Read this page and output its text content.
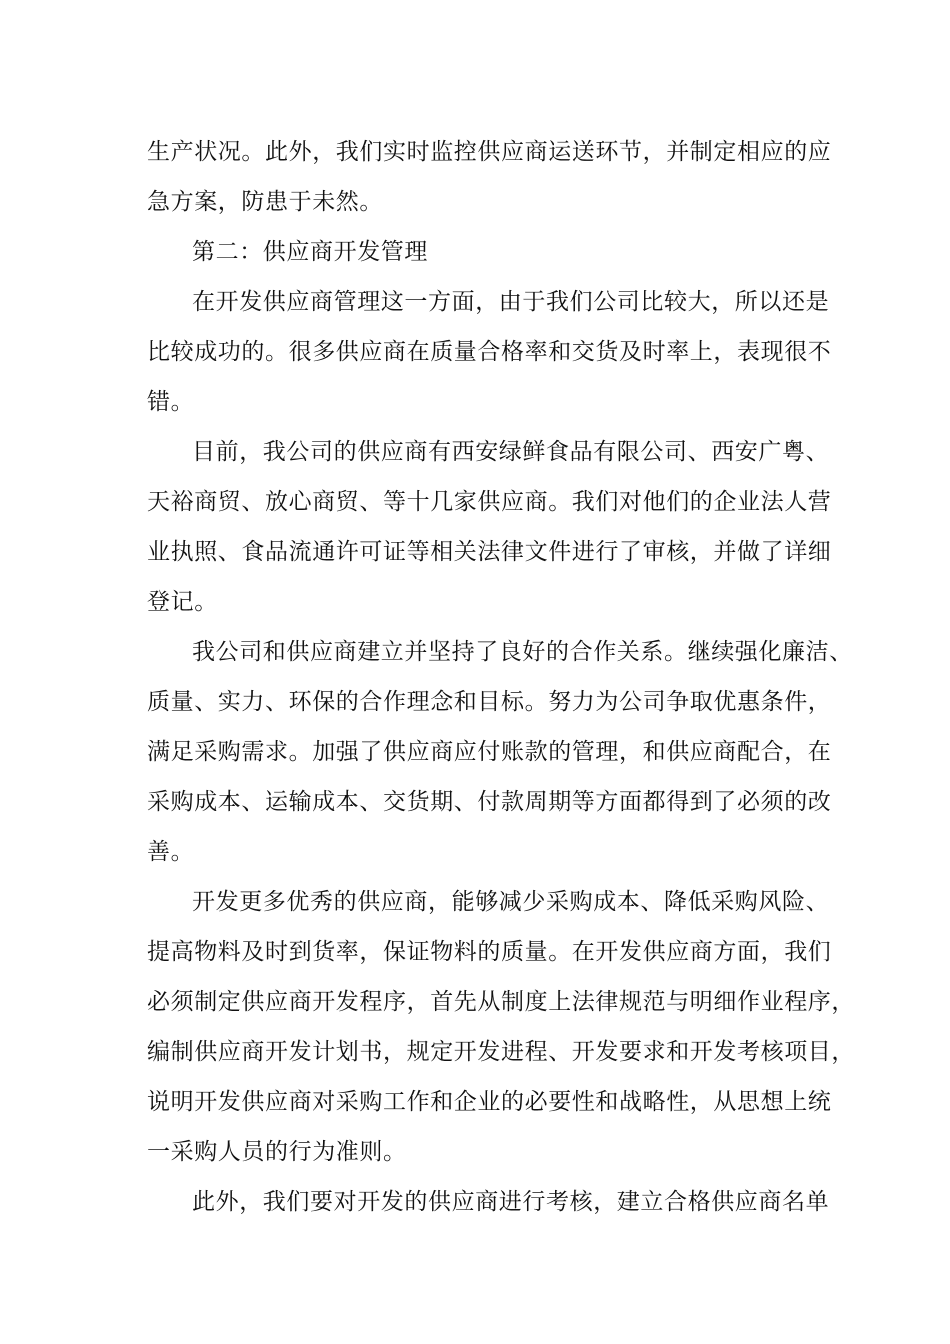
生产状况。此外，我们实时监控供应商运送环节，并制定相应的应
急方案，防患于未然。
第二：供应商开发管理
在开发供应商管理这一方面，由于我们公司比较大，所以还是
比较成功的。很多供应商在质量合格率和交货及时率上，表现很不
错。
目前，我公司的供应商有西安绿鲜食品有限公司、西安广粤、
天裕商贸、放心商贸、等十几家供应商。我们对他们的企业法人营
业执照、食品流通许可证等相关法律文件进行了审核，并做了详细
登记。
我公司和供应商建立并坚持了良好的合作关系。继续强化廉洁、
质量、实力、环保的合作理念和目标。努力为公司争取优惠条件，
满足采购需求。加强了供应商应付账款的管理，和供应商配合，在
采购成本、运输成本、交货期、付款周期等方面都得到了必须的改
善。
开发更多优秀的供应商，能够减少采购成本、降低采购风险、
提高物料及时到货率，保证物料的质量。在开发供应商方面，我们
必须制定供应商开发程序，首先从制度上法律规范与明细作业程序，
编制供应商开发计划书，规定开发进程、开发要求和开发考核项目，
说明开发供应商对采购工作和企业的必要性和战略性，从思想上统
一采购人员的行为准则。
此外，我们要对开发的供应商进行考核，建立合格供应商名单
